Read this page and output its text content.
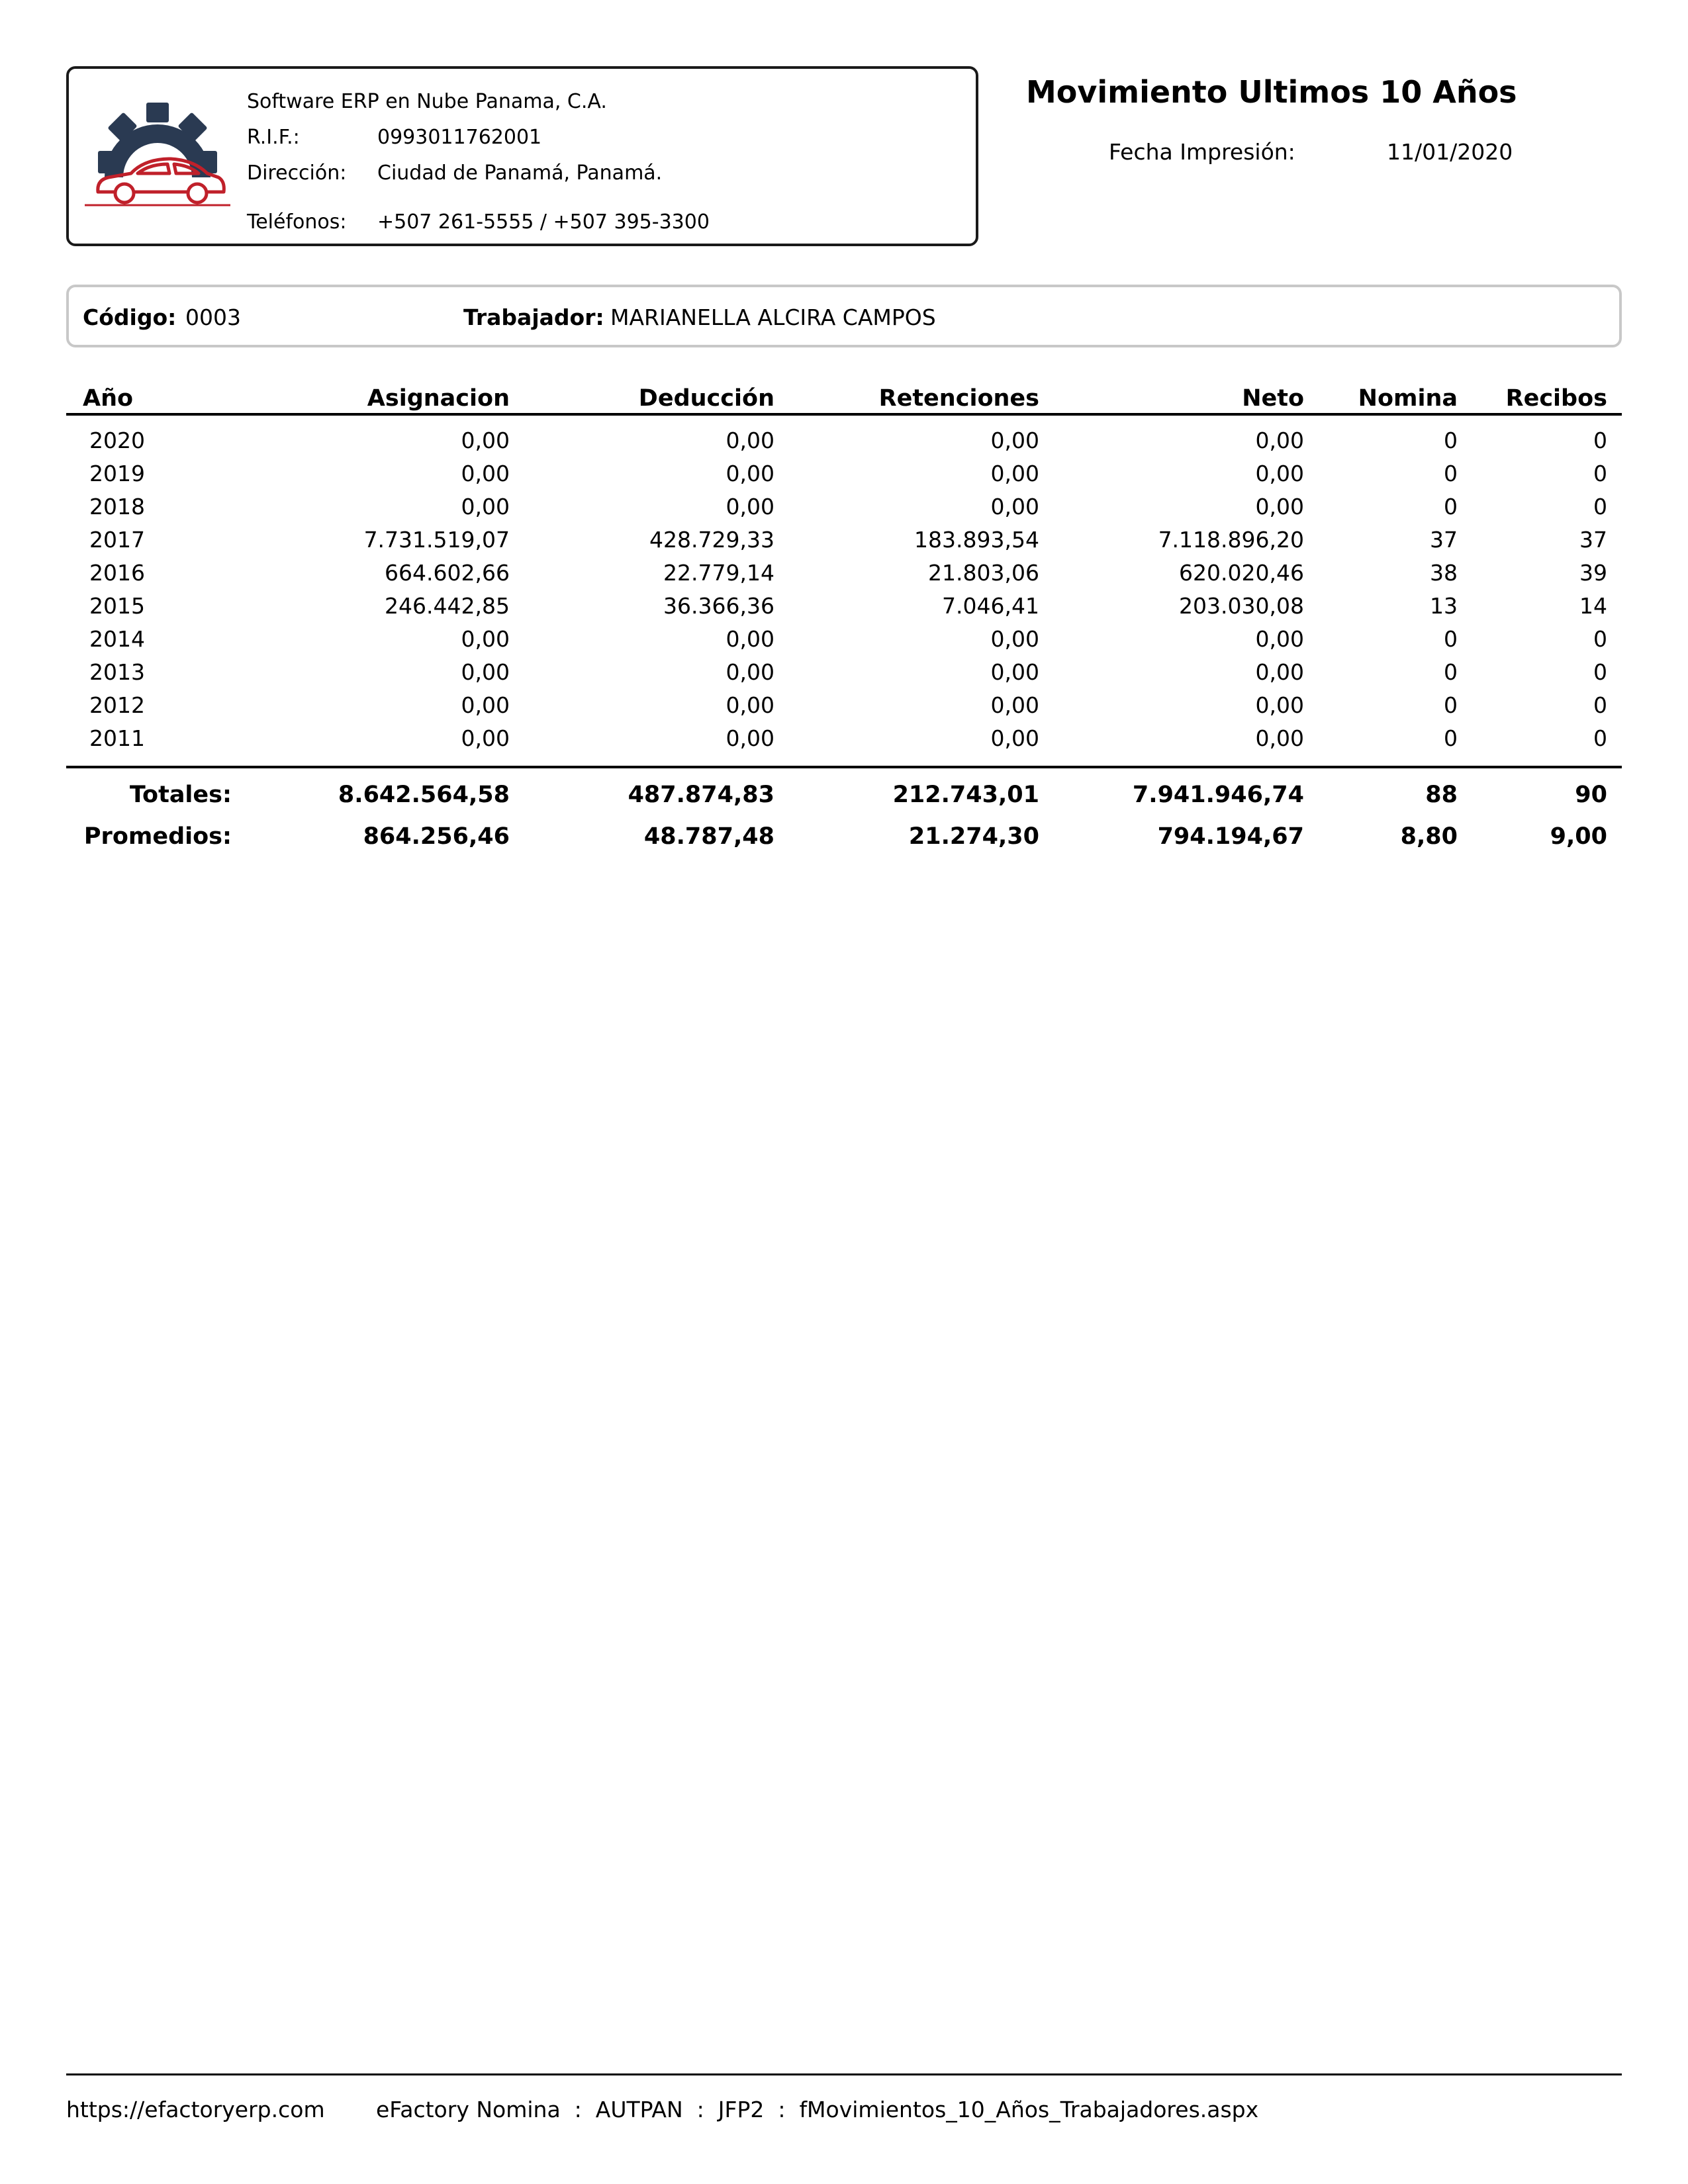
Software ERP en Nube Panama, C.A.
R.I.F.:	0993011762001
Dirección: Ciudad de Panamá, Panamá.
Teléfonos: +507 261-5555 / +507 395-3300
Movimiento Ultimos 10 Años
Fecha Impresión:	11/01/2020
Código: 0003	Trabajador: MARIANELLA ALCIRA CAMPOS
Año	Asignacion	Deducción	Retenciones	Neto Nomina Recibos
2020	0,00	0,00	0,00	0,00	0	0
2019	0,00	0,00	0,00	0,00	0	0
2018	0,00	0,00	0,00	0,00	0	0
2017	7.731.519,07	428.729,33	183.893,54	7.118.896,20	37	37
2016	664.602,66	22.779,14	21.803,06	620.020,46	38	39
2015	246.442,85	36.366,36	7.046,41	203.030,08	13	14
2014	0,00	0,00	0,00	0,00	0	0
2013	0,00	0,00	0,00	0,00	0	0
2012	0,00	0,00	0,00	0,00	0	0
2011	0,00	0,00	0,00	0,00	0	0
Totales:	8.642.564,58	487.874,83	212.743,01	7.941.946,74	88	90
Promedios:	864.256,46	48.787,48	21.274,30	794.194,67	8,80	9,00
https://efactoryerp.com eFactory Nomina  :  AUTPAN  :  JFP2  :  fMovimientos_10_Años_Trabajadores.aspx
